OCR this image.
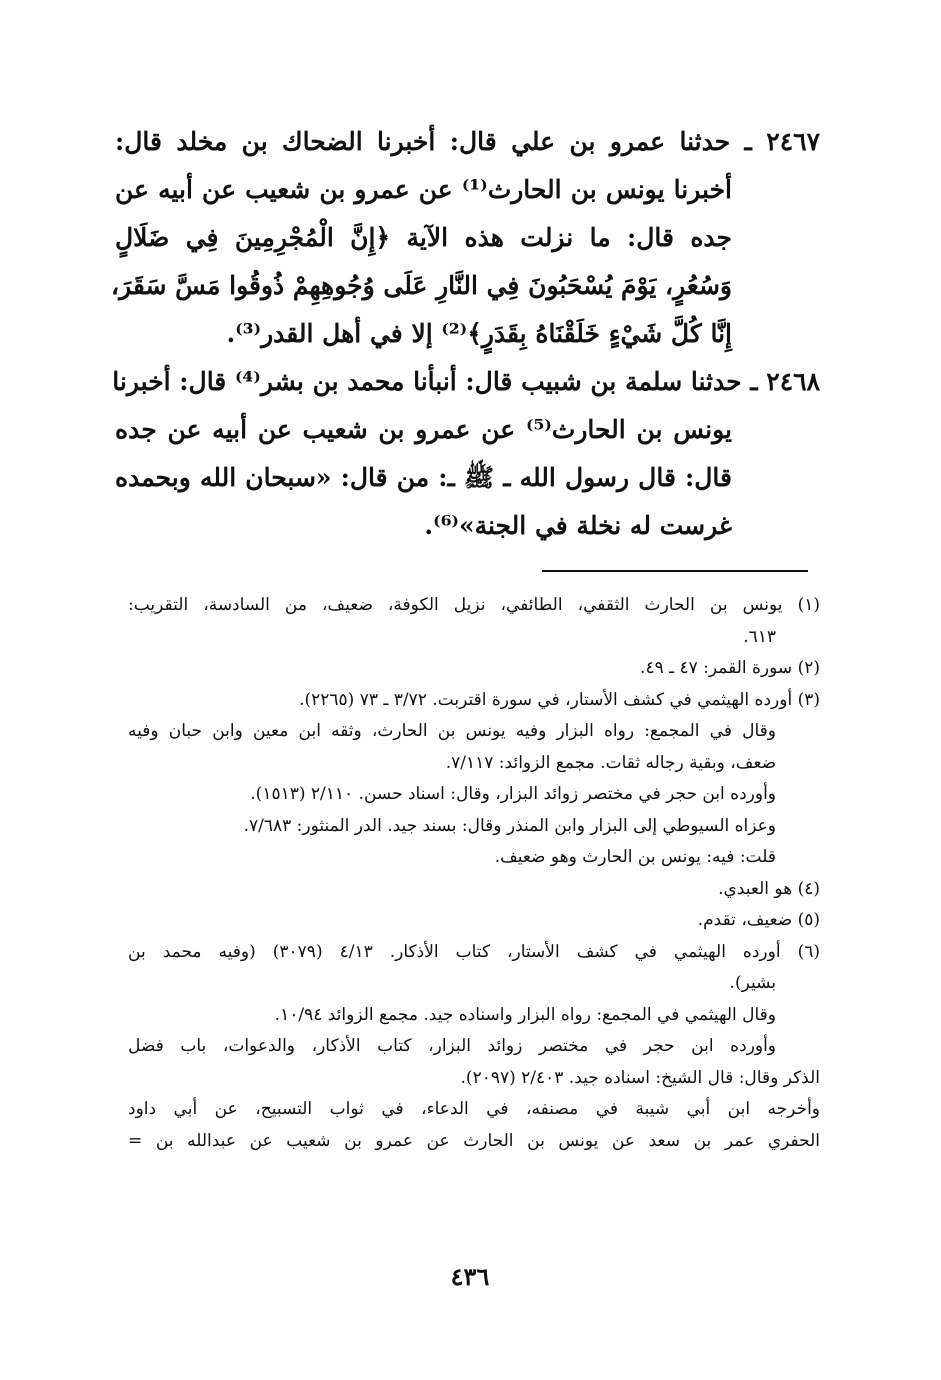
٢٤٦٧ ـ حدثنا عمرو بن علي قال: أخبرنا الضحاك بن مخلد قال:
أخبرنا يونس بن الحارث⁽¹⁾ عن عمرو بن شعيب عن أبيه عن
جده قال: ما نزلت هذه الآية ﴿إِنَّ الْمُجْرِمِينَ فِي ضَلَالٍ
وَسُعُرٍ، يَوْمَ يُسْحَبُونَ فِي النَّارِ عَلَى وُجُوهِهِمْ ذُوقُوا مَسَّ سَقَرَ،
إِنَّا كُلَّ شَيْءٍ خَلَقْنَاهُ بِقَدَرٍ﴾⁽²⁾ إلا في أهل القدر⁽³⁾.
٢٤٦٨ ـ حدثنا سلمة بن شبيب قال: أنبأنا محمد بن بشر⁽⁴⁾ قال: أخبرنا
يونس بن الحارث⁽⁵⁾ عن عمرو بن شعيب عن أبيه عن جده
قال: قال رسول الله ـ ﷺ ـ: من قال: «سبحان الله وبحمده
غرست له نخلة في الجنة»⁽⁶⁾.
(١) يونس بن الحارث الثقفي، الطائفي، نزيل الكوفة، ضعيف، من السادسة، التقريب:
٦١٣.
(٢) سورة القمر: ٤٧ ـ ٤٩.
(٣) أورده الهيثمي في كشف الأستار، في سورة اقتربت. ٣/٧٢ ـ ٧٣ (٢٢٦٥).
وقال في المجمع: رواه البزار وفيه يونس بن الحارث، وثقه ابن معين وابن حبان وفيه
ضعف، وبقية رجاله ثقات. مجمع الزوائد: ٧/١١٧.
وأورده ابن حجر في مختصر زوائد البزار، وقال: اسناد حسن. ٢/١١٠ (١٥١٣).
وعزاه السيوطي إلى البزار وابن المنذر وقال: بسند جيد. الدر المنثور: ٧/٦٨٣.
قلت: فيه: يونس بن الحارث وهو ضعيف.
(٤) هو العبدي.
(٥) ضعيف، تقدم.
(٦) أورده الهيثمي في كشف الأستار، كتاب الأذكار. ٤/١٣ (٣٠٧٩) (وفيه محمد بن
بشير).
وقال الهيثمي في المجمع: رواه البزار واسناده جيد. مجمع الزوائد ١٠/٩٤.
وأورده ابن حجر في مختصر زوائد البزار، كتاب الأذكار، والدعوات، باب فضل
الذكر وقال: قال الشيخ: اسناده جيد. ٢/٤٠٣ (٢٠٩٧).
وأخرجه ابن أبي شيبة في مصنفه، في الدعاء، في ثواب التسبيح، عن أبي داود
الحفري عمر بن سعد عن يونس بن الحارث عن عمرو بن شعيب عن عبدالله بن =
٤٣٦
